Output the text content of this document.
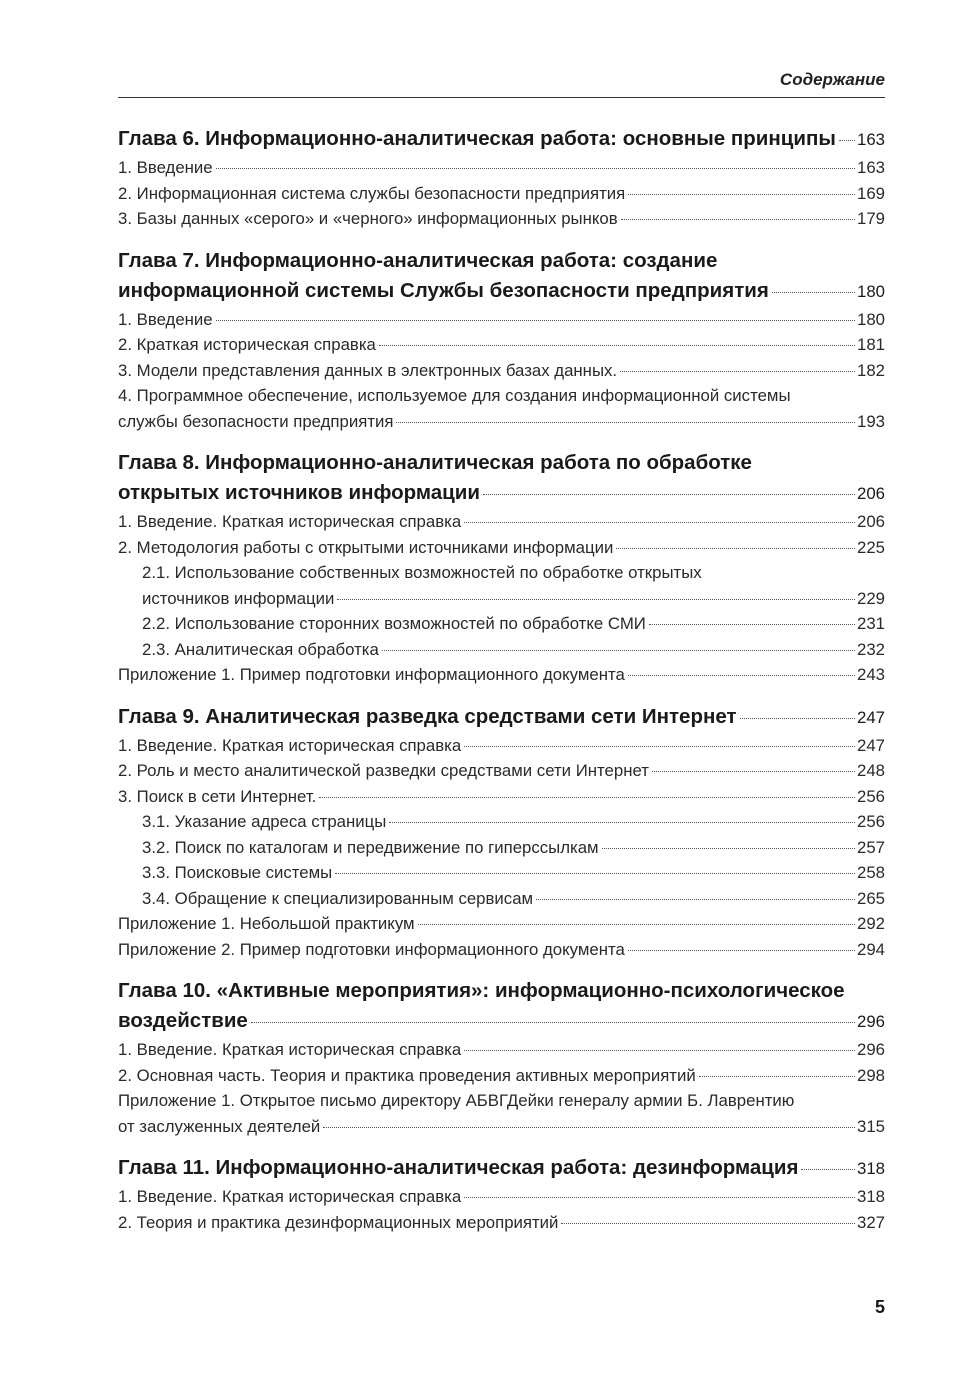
Содержание
Глава 6. Информационно-аналитическая работа: основные принципы 163
1. Введение	163
2. Информационная система службы безопасности предприятия	169
3. Базы данных «серого» и «черного» информационных рынков	179
Глава 7. Информационно-аналитическая работа: создание
информационной системы Службы безопасности предприятия	180
1. Введение	180
2. Краткая историческая справка	181
3. Модели представления данных в электронных базах данных.	182
4. Программное обеспечение, используемое для создания информационной системы
службы безопасности предприятия	193
Глава 8. Информационно-аналитическая работа по обработке
открытых источников информации	206
1. Введение. Краткая историческая справка	206
2. Методология работы с открытыми источниками информации	225
2.1. Использование собственных возможностей по обработке открытых
источников информации	229
2.2. Использование сторонних возможностей по обработке СМИ	231
2.3. Аналитическая обработка	232
Приложение 1. Пример подготовки информационного документа	243
Глава 9. Аналитическая разведка средствами сети Интернет	247
1. Введение. Краткая историческая справка	247
2. Роль и место аналитической разведки средствами сети Интернет	248
3. Поиск в сети Интернет.	256
3.1. Указание адреса страницы	256
3.2. Поиск по каталогам и передвижение по гиперссылкам	257
3.3. Поисковые системы	258
3.4. Обращение к специализированным сервисам	265
Приложение 1. Небольшой практикум	292
Приложение 2. Пример подготовки информационного документа	294
Глава 10. «Активные мероприятия»: информационно-психологическое
воздействие	296
1. Введение. Краткая историческая справка	296
2. Основная часть. Теория и практика проведения активных мероприятий	298
Приложение 1. Открытое письмо директору АБВГДейки генералу армии Б. Лаврентию
от заслуженных деятелей	315
Глава 11. Информационно-аналитическая работа: дезинформация	318
1. Введение. Краткая историческая справка	318
2. Теория и практика дезинформационных мероприятий	327
5
